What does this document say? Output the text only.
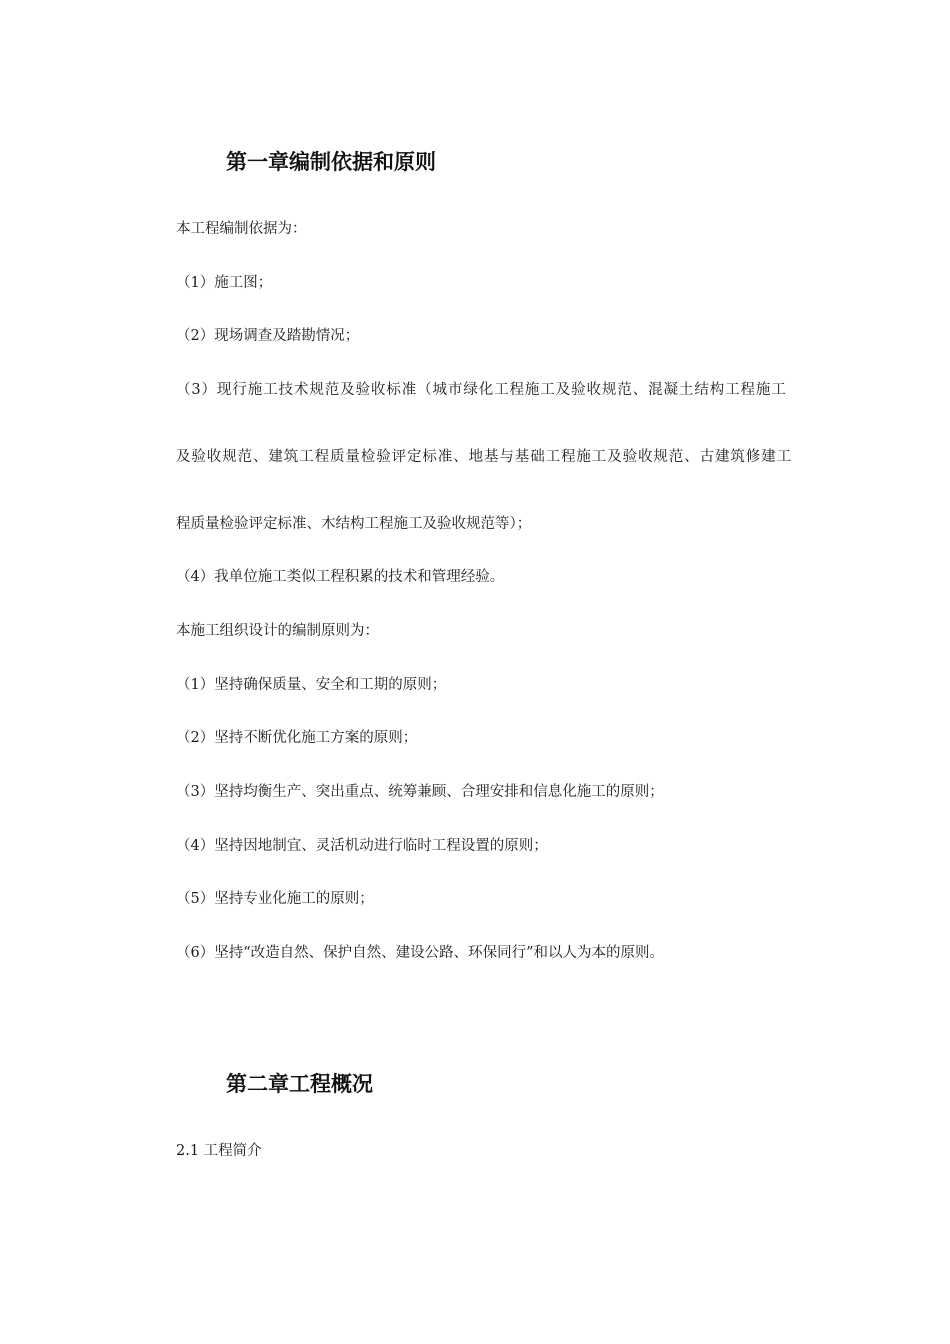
第一章编制依据和原则
本工程编制依据为：
（1）施工图；
（2）现场调查及踏勘情况；
（3）现行施工技术规范及验收标准（城市绿化工程施工及验收规范、混凝土结构工程施工
及验收规范、建筑工程质量检验评定标准、地基与基础工程施工及验收规范、古建筑修建工
程质量检验评定标准、木结构工程施工及验收规范等）；
（4）我单位施工类似工程积累的技术和管理经验。
本施工组织设计的编制原则为：
（1）坚持确保质量、安全和工期的原则；
（2）坚持不断优化施工方案的原则；
（3）坚持均衡生产、突出重点、统筹兼顾、合理安排和信息化施工的原则；
（4）坚持因地制宜、灵活机动进行临时工程设置的原则；
（5）坚持专业化施工的原则；
（6）坚持“改造自然、保护自然、建设公路、环保同行”和以人为本的原则。
第二章工程概况
2.1 工程简介
